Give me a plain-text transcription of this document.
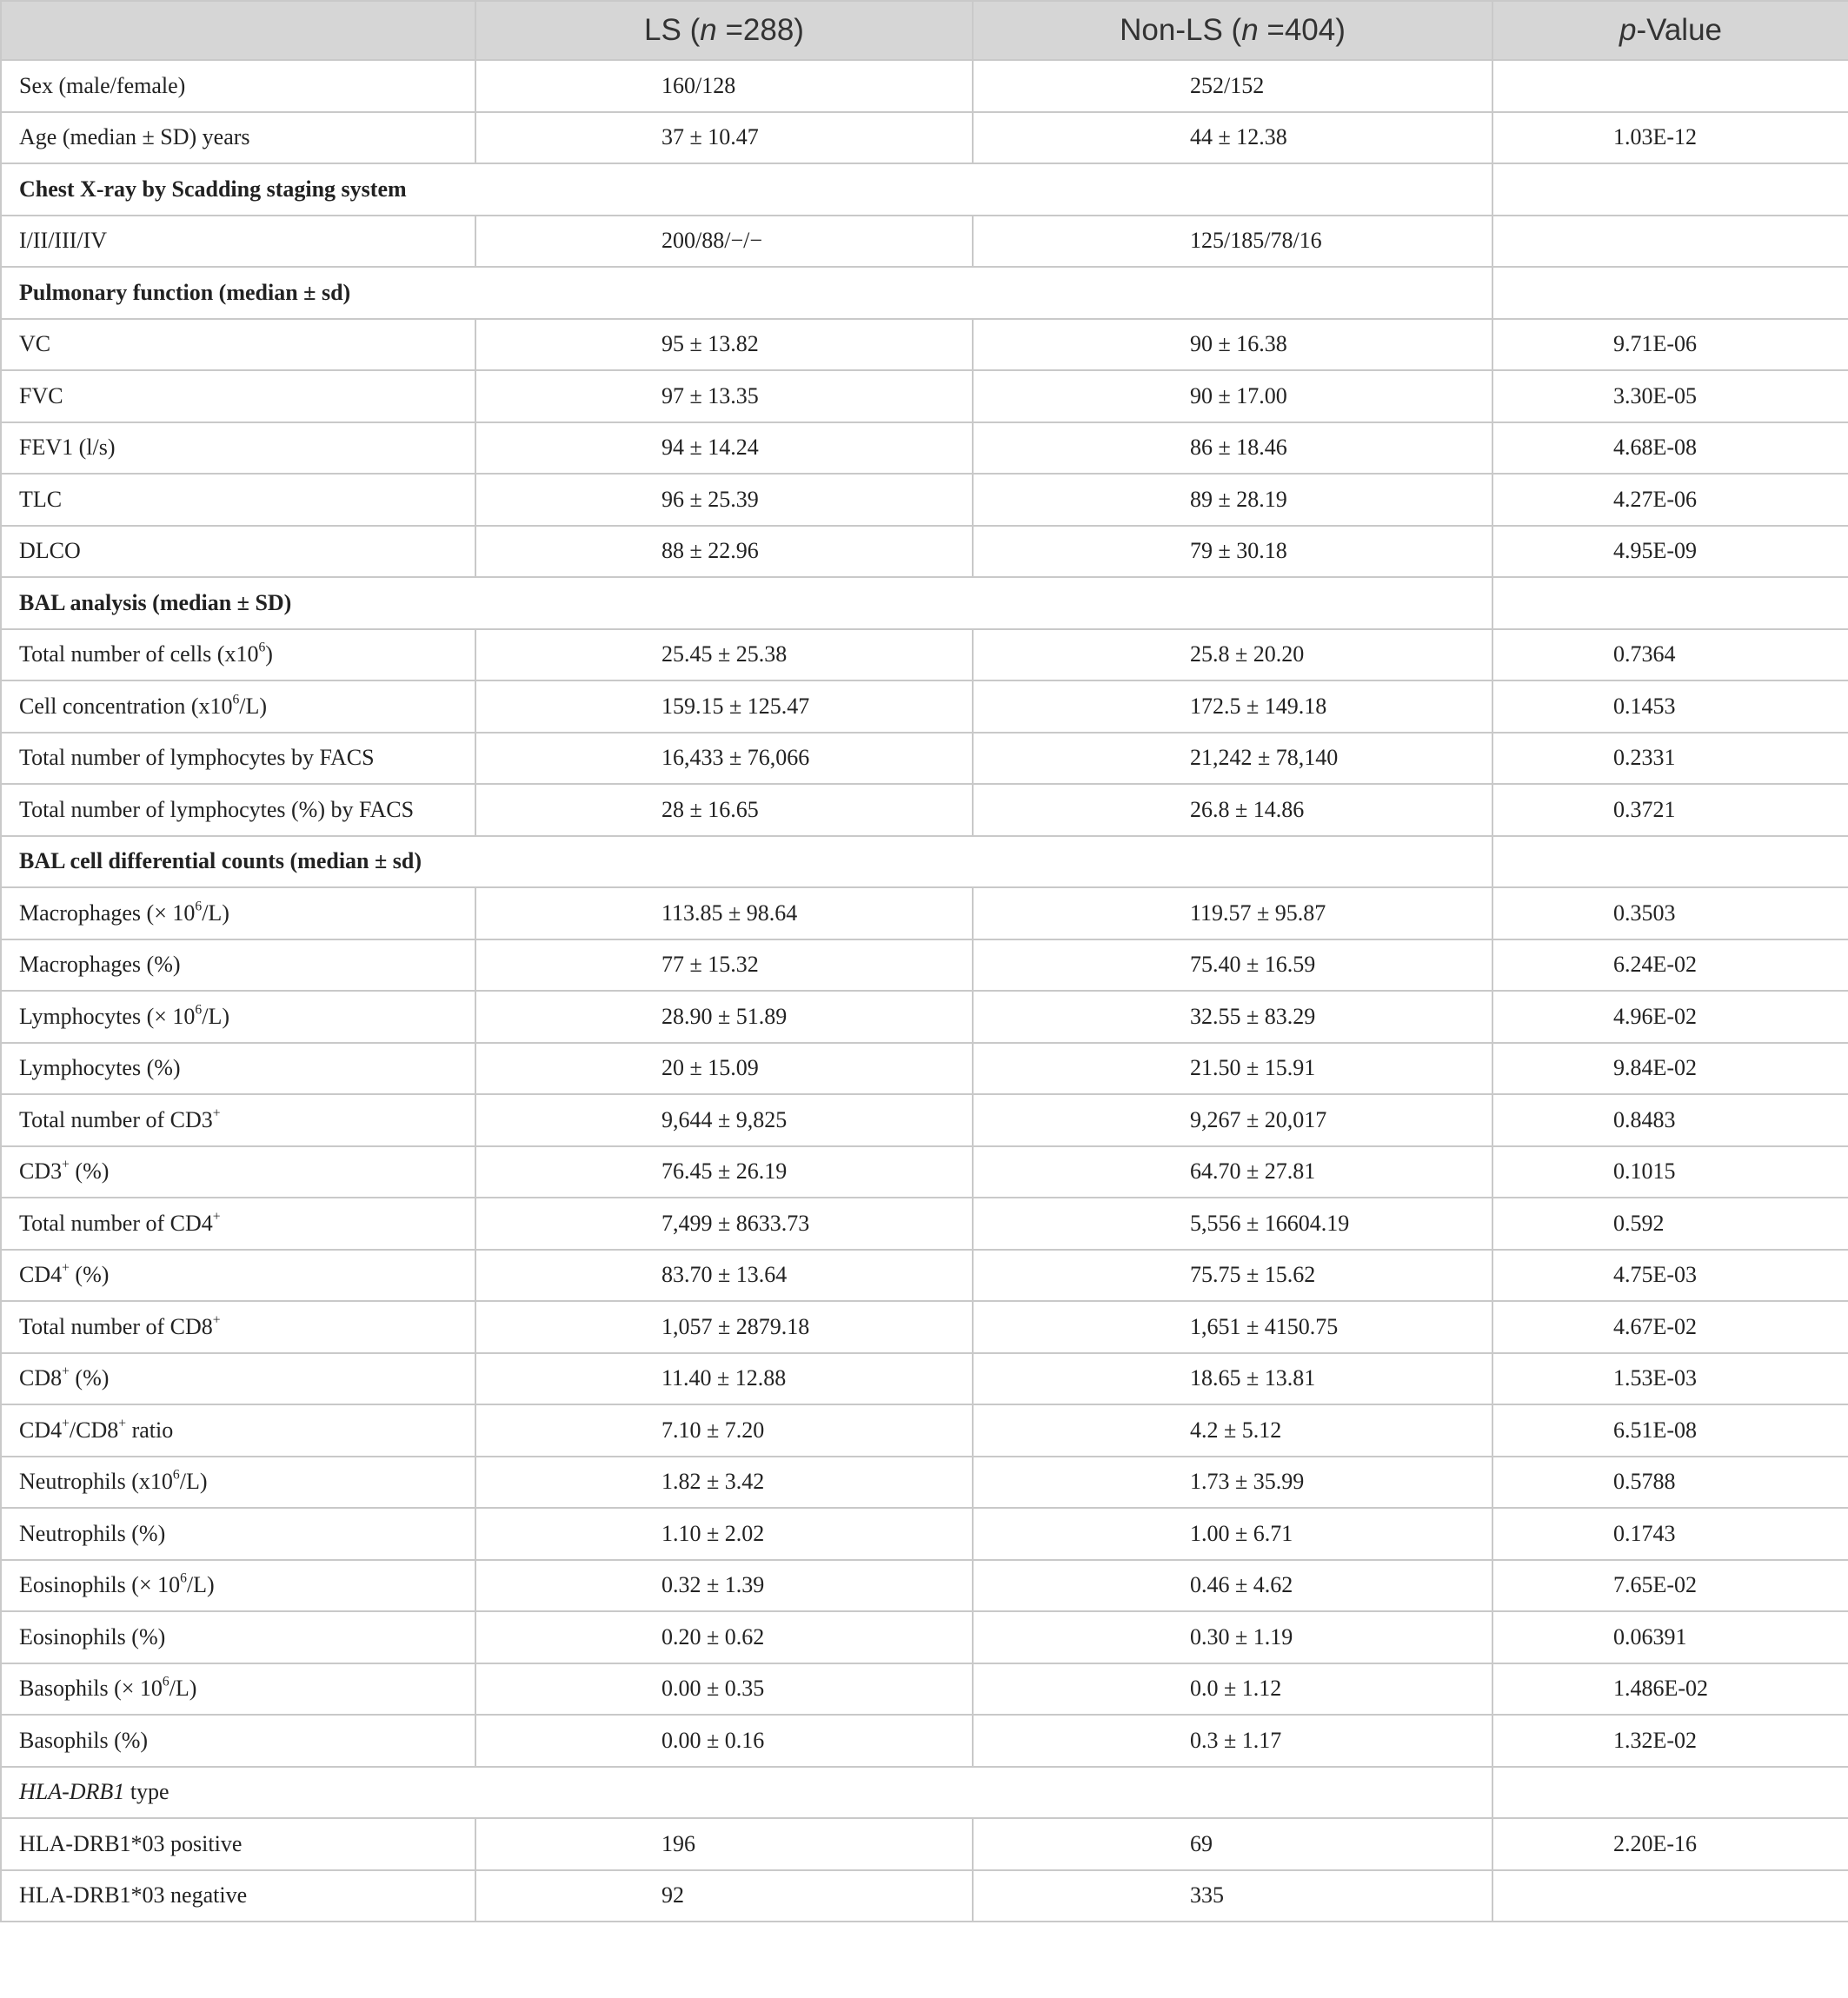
	LS (n =288)	Non-LS (n =404)	p-Value
Sex (male/female)	160/128	252/152	
Age (median ± SD) years	37 ± 10.47	44 ± 12.38	1.03E-12
Chest X-ray by Scadding staging system			
I/II/III/IV	200/88/−/−	125/185/78/16	
Pulmonary function (median ± sd)			
VC	95 ± 13.82	90 ± 16.38	9.71E-06
FVC	97 ± 13.35	90 ± 17.00	3.30E-05
FEV1 (l/s)	94 ± 14.24	86 ± 18.46	4.68E-08
TLC	96 ± 25.39	89 ± 28.19	4.27E-06
DLCO	88 ± 22.96	79 ± 30.18	4.95E-09
BAL analysis (median ± SD)			
Total number of cells $(x10^6)$	25.45 ± 25.38	25.8 ± 20.20	0.7364
Cell concentration $(x10^6/L)$	159.15 ± 125.47	172.5 ± 149.18	0.1453
Total number of lymphocytes by FACS	16,433 ± 76,066	21,242 ± 78,140	0.2331
Total number of lymphocytes (%) by FACS	28 ± 16.65	26.8 ± 14.86	0.3721
BAL cell differential counts (median ± sd)			
Macrophages (× $10^6/L$)	113.85 ± 98.64	119.57 ± 95.87	0.3503
Macrophages (%)	77 ± 15.32	75.40 ± 16.59	6.24E-02
Lymphocytes (× $10^6/L$)	28.90 ± 51.89	32.55 ± 83.29	4.96E-02
Lymphocytes (%)	20 ± 15.09	21.50 ± 15.91	9.84E-02
Total number of CD3+	9,644 ± 9,825	9,267 ± 20,017	0.8483
CD3+ (%)	76.45 ± 26.19	64.70 ± 27.81	0.1015
Total number of CD4+	7,499 ± 8633.73	5,556 ± 16604.19	0.592
CD4+ (%)	83.70 ± 13.64	75.75 ± 15.62	4.75E-03
Total number of CD8+	1,057 ± 2879.18	1,651 ± 4150.75	4.67E-02
CD8+ (%)	11.40 ± 12.88	18.65 ± 13.81	1.53E-03
CD4+/CD8+ ratio	7.10 ± 7.20	4.2 ± 5.12	6.51E-08
Neutrophils $(x10^6/L)$	1.82 ± 3.42	1.73 ± 35.99	0.5788
Neutrophils (%)	1.10 ± 2.02	1.00 ± 6.71	0.1743
Eosinophils (× $10^6/L$)	0.32 ± 1.39	0.46 ± 4.62	7.65E-02
Eosinophils (%)	0.20 ± 0.62	0.30 ± 1.19	0.06391
Basophils (× $10^6/L$)	0.00 ± 0.35	0.0 ± 1.12	1.486E-02
Basophils (%)	0.00 ± 0.16	0.3 ± 1.17	1.32E-02
HLA-DRB1 type			
HLA-DRB1*03 positive	196	69	2.20E-16
HLA-DRB1*03 negative	92	335	
